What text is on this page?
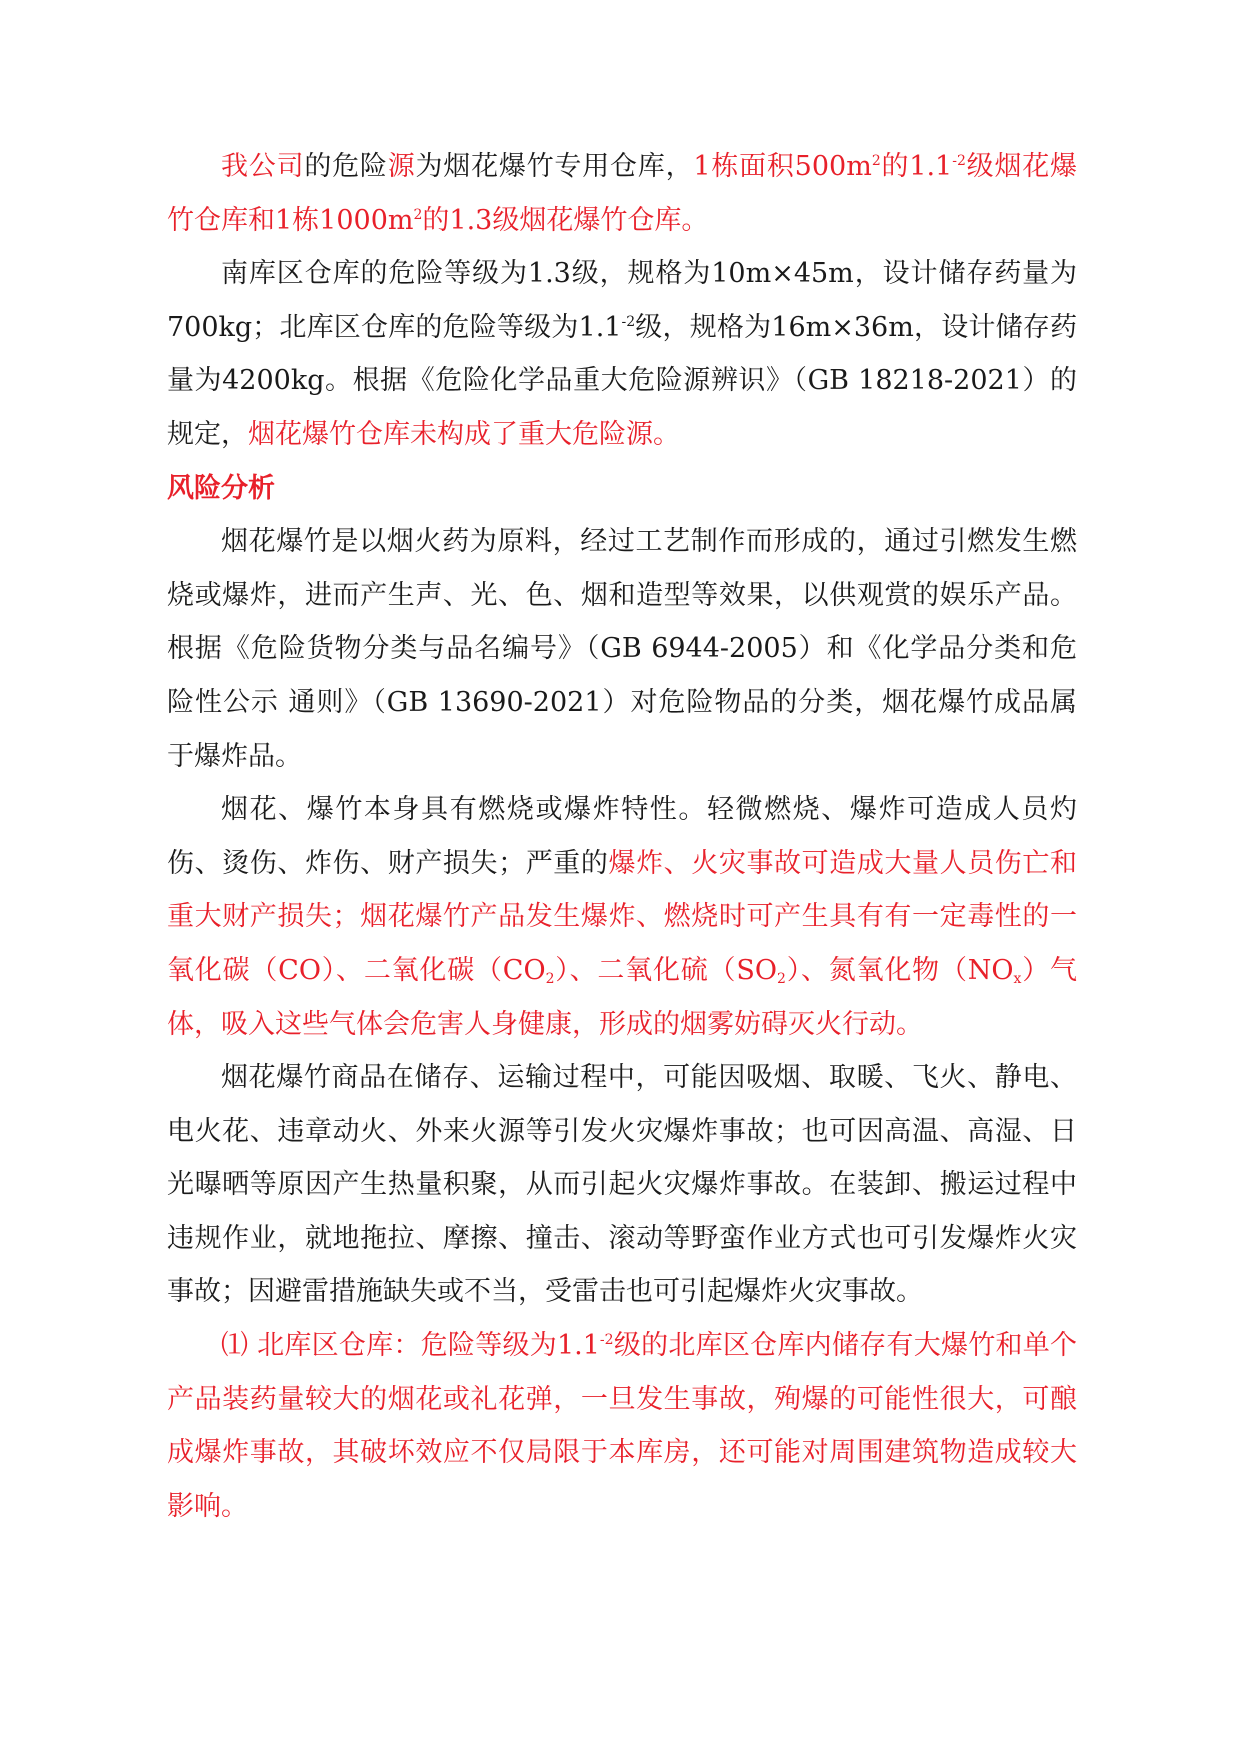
我公司的危险源为烟花爆竹专用仓库，1栋面积$500m^2$的$1.1^{-2}$级烟花爆竹仓库和1栋$1000m^2$的1.3级烟花爆竹仓库。

南库区仓库的危险等级为1.3级，规格为10m×45m，设计储存药量为700kg；北库区仓库的危险等级为$1.1^{-2}$级，规格为16m×36m，设计储存药量为4200kg。根据《危险化学品重大危险源辨识》（GB 18218-2021）的规定，烟花爆竹仓库未构成了重大危险源。

风险分析

烟花爆竹是以烟火药为原料，经过工艺制作而形成的，通过引燃发生燃烧或爆炸，进而产生声、光、色、烟和造型等效果，以供观赏的娱乐产品。根据《危险货物分类与品名编号》（GB 6944-2005）和《化学品分类和危险性公示 通则》（GB 13690-2021）对危险物品的分类，烟花爆竹成品属于爆炸品。

烟花、爆竹本身具有燃烧或爆炸特性。轻微燃烧、爆炸可造成人员灼伤、烫伤、炸伤、财产损失；严重的爆炸、火灾事故可造成大量人员伤亡和重大财产损失；烟花爆竹产品发生爆炸、燃烧时可产生具有有一定毒性的一氧化碳（CO）、二氧化碳$(CO_2)$、二氧化硫$(SO_2)$、氮氧化物$(NO_x)$气体，吸入这些气体会危害人身健康，形成的烟雾妨碍灭火行动。

烟花爆竹商品在储存、运输过程中，可能因吸烟、取暖、飞火、静电、电火花、违章动火、外来火源等引发火灾爆炸事故；也可因高温、高湿、日光曝晒等原因产生热量积聚，从而引起火灾爆炸事故。在装卸、搬运过程中违规作业，就地拖拉、摩擦、撞击、滚动等野蛮作业方式也可引发爆炸火灾事故；因避雷措施缺失或不当，受雷击也可引起爆炸火灾事故。

⑴ 北库区仓库：危险等级为$1.1^{-2}$级的北库区仓库内储存有大爆竹和单个产品装药量较大的烟花或礼花弹，一旦发生事故，殉爆的可能性很大，可酿成爆炸事故，其破坏效应不仅局限于本库房，还可能对周围建筑物造成较大影响。
